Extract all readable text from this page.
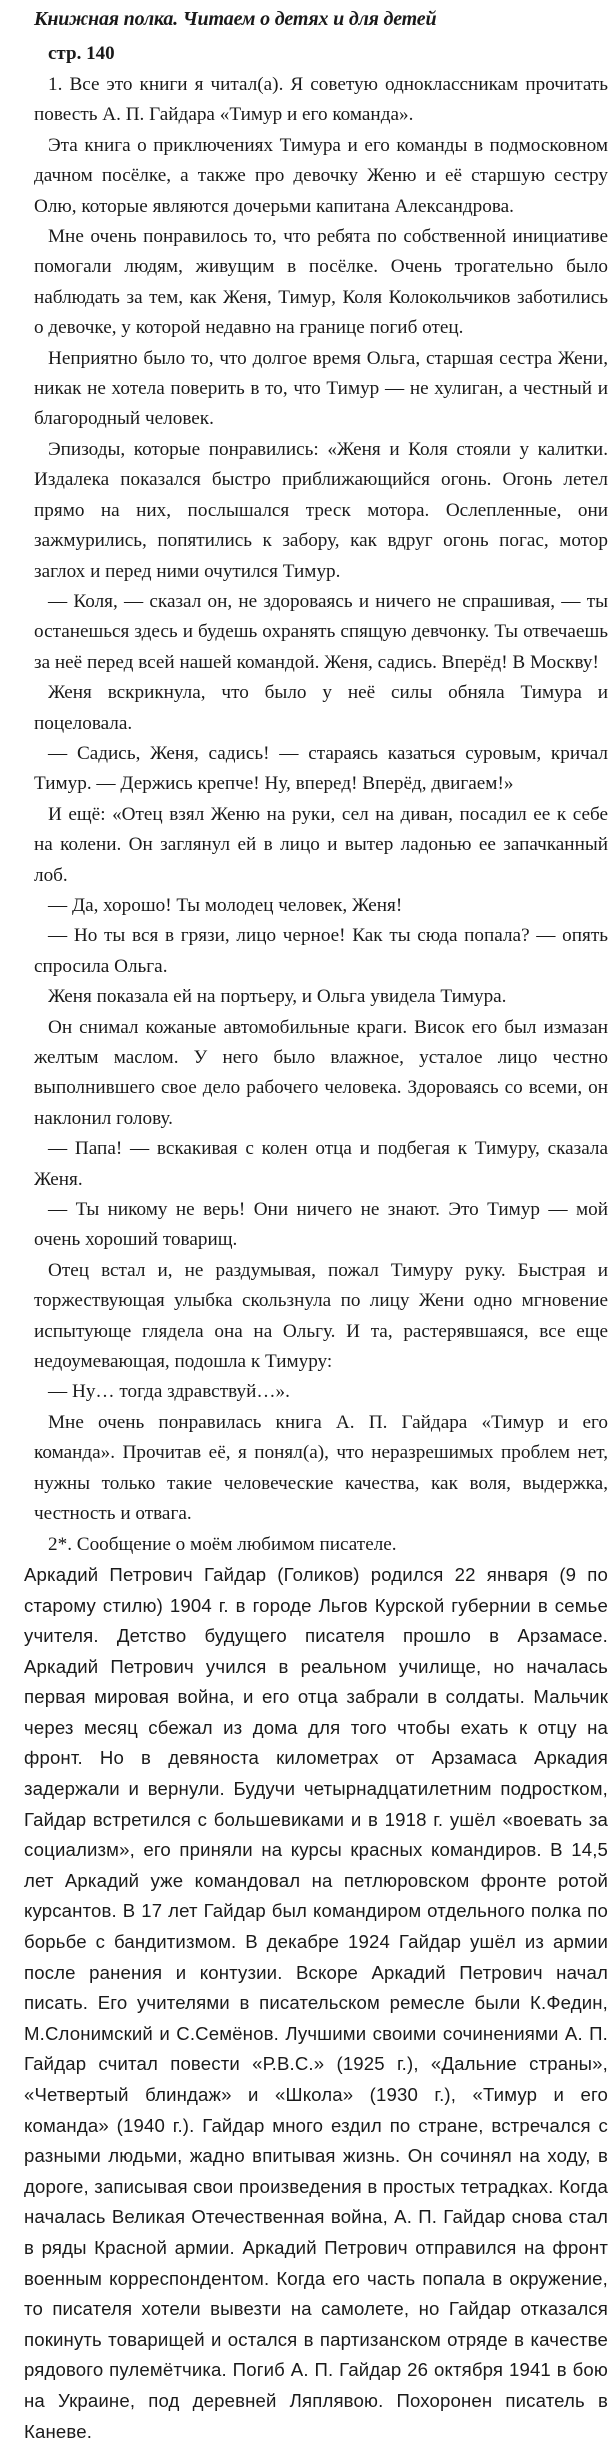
Книжная полка. Читаем о детях и для детей
стр. 140

1. Все это книги я читал(а). Я советую одноклассникам прочитать повесть А. П. Гайдара «Тимур и его команда».

Эта книга о приключениях Тимура и его команды в подмосковном дачном посёлке, а также про девочку Женю и её старшую сестру Олю, которые являются дочерьми капитана Александрова.

Мне очень понравилось то, что ребята по собственной инициативе помогали людям, живущим в посёлке. Очень трогательно было наблюдать за тем, как Женя, Тимур, Коля Колокольчиков заботились о девочке, у которой недавно на границе погиб отец.

Неприятно было то, что долгое время Ольга, старшая сестра Жени, никак не хотела поверить в то, что Тимур — не хулиган, а честный и благородный человек.

Эпизоды, которые понравились: «Женя и Коля стояли у калитки. Издалека показался быстро приближающийся огонь. Огонь летел прямо на них, послышался треск мотора. Ослепленные, они зажмурились, попятились к забору, как вдруг огонь погас, мотор заглох и перед ними очутился Тимур.

— Коля, — сказал он, не здороваясь и ничего не спрашивая, — ты останешься здесь и будешь охранять спящую девчонку. Ты отвечаешь за неё перед всей нашей командой. Женя, садись. Вперёд! В Москву!

Женя вскрикнула, что было у неё силы обняла Тимура и поцеловала.

— Садись, Женя, садись! — стараясь казаться суровым, кричал Тимур. — Держись крепче! Ну, вперед! Вперёд, двигаем!»

И ещё: «Отец взял Женю на руки, сел на диван, посадил ее к себе на колени. Он заглянул ей в лицо и вытер ладонью ее запачканный лоб.

— Да, хорошо! Ты молодец человек, Женя!

— Но ты вся в грязи, лицо черное! Как ты сюда попала? — опять спросила Ольга.

Женя показала ей на портьеру, и Ольга увидела Тимура.

Он снимал кожаные автомобильные краги. Висок его был измазан желтым маслом. У него было влажное, усталое лицо честно выполнившего свое дело рабочего человека. Здороваясь со всеми, он наклонил голову.

— Папа! — вскакивая с колен отца и подбегая к Тимуру, сказала Женя.

— Ты никому не верь! Они ничего не знают. Это Тимур — мой очень хороший товарищ.

Отец встал и, не раздумывая, пожал Тимуру руку. Быстрая и торжествующая улыбка скользнула по лицу Жени одно мгновение испытующе глядела она на Ольгу. И та, растерявшаяся, все еще недоумевающая, подошла к Тимуру:

— Ну… тогда здравствуй…».

Мне очень понравилась книга А. П. Гайдара «Тимур и его команда». Прочитав её, я понял(а), что неразрешимых проблем нет, нужны только такие человеческие качества, как воля, выдержка, честность и отвага.

2*. Сообщение о моём любимом писателе.

Аркадий Петрович Гайдар (Голиков) родился 22 января (9 по старому стилю) 1904 г. в городе Льгов Курской губернии в семье учителя. Детство будущего писателя прошло в Арзамасе. Аркадий Петрович учился в реальном училище, но началась первая мировая война, и его отца забрали в солдаты. Мальчик через месяц сбежал из дома для того чтобы ехать к отцу на фронт. Но в девяноста километрах от Арзамаса Аркадия задержали и вернули. Будучи четырнадцатилетним подростком, Гайдар встретился с большевиками и в 1918 г. ушёл «воевать за социализм», его приняли на курсы красных командиров. В 14,5 лет Аркадий уже командовал на петлюровском фронте ротой курсантов. В 17 лет Гайдар был командиром отдельного полка по борьбе с бандитизмом. В декабре 1924 Гайдар ушёл из армии после ранения и контузии. Вскоре Аркадий Петрович начал писать. Его учителями в писательском ремесле были К.Федин, М.Слонимский и С.Семёнов. Лучшими своими сочинениями А. П. Гайдар считал повести «Р.В.С.» (1925 г.), «Дальние страны», «Четвертый блиндаж» и «Школа» (1930 г.), «Тимур и его команда» (1940 г.). Гайдар много ездил по стране, встречался с разными людьми, жадно впитывая жизнь. Он сочинял на ходу, в дороге, записывая свои произведения в простых тетрадках. Когда началась Великая Отечественная война, А. П. Гайдар снова стал в ряды Красной армии. Аркадий Петрович отправился на фронт военным корреспондентом. Когда его часть попала в окружение, то писателя хотели вывезти на самолете, но Гайдар отказался покинуть товарищей и остался в партизанском отряде в качестве рядового пулемётчика. Погиб А. П. Гайдар 26 октября 1941 в бою на Украине, под деревней Ляплявою. Похоронен писатель в Каневе.
